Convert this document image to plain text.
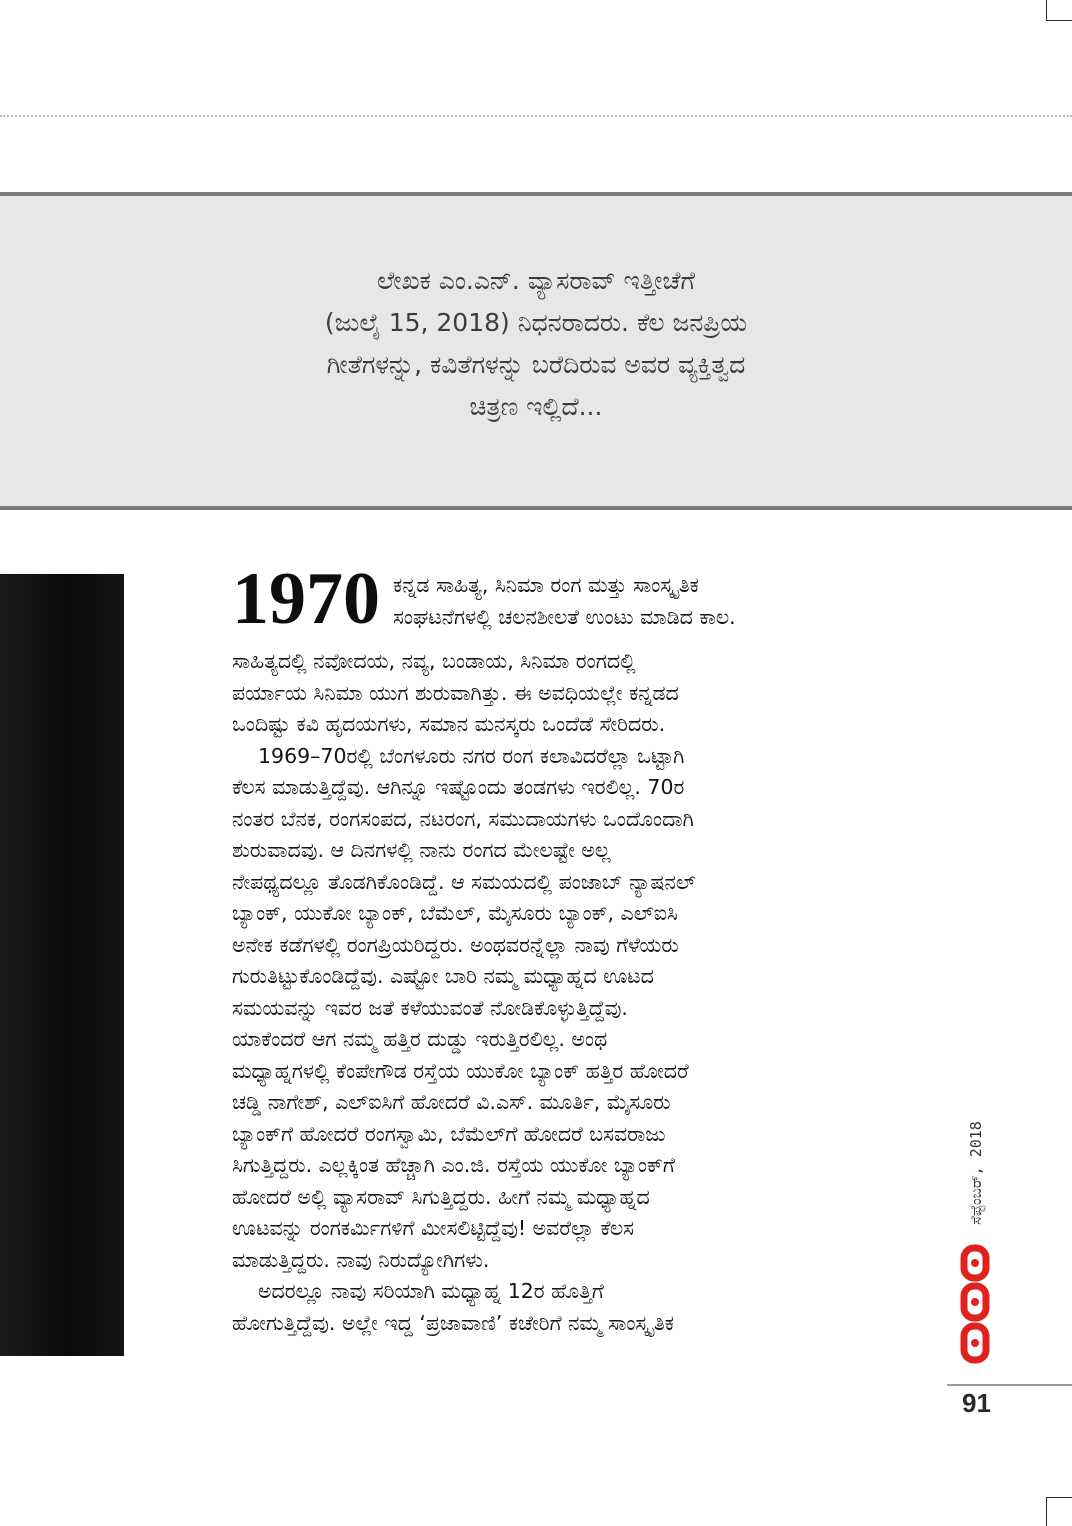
ಲೇಖಕ ಎಂ.ಎನ್. ವ್ಯಾಸರಾವ್ ಇತ್ತೀಚೆಗೆ
(ಜುಲೈ 15, 2018) ನಿಧನರಾದರು. ಕೆಲ ಜನಪ್ರಿಯ
ಗೀತೆಗಳನ್ನು, ಕವಿತೆಗಳನ್ನು ಬರೆದಿರುವ ಅವರ ವ್ಯಕ್ತಿತ್ವದ
ಚಿತ್ರಣ ಇಲ್ಲಿದೆ...
1970 ಕನ್ನಡ ಸಾಹಿತ್ಯ, ಸಿನಿಮಾ ರಂಗ ಮತ್ತು ಸಾಂಸ್ಕೃತಿಕ
ಸಂಘಟನೆಗಳಲ್ಲಿ ಚಲನಶೀಲತೆ ಉಂಟು ಮಾಡಿದ ಕಾಲ.
ಸಾಹಿತ್ಯದಲ್ಲಿ ನವೋದಯ, ನವ್ಯ, ಬಂಡಾಯ, ಸಿನಿಮಾ ರಂಗದಲ್ಲಿ
ಪರ್ಯಾಯ ಸಿನಿಮಾ ಯುಗ ಶುರುವಾಗಿತ್ತು. ಈ ಅವಧಿಯಲ್ಲೇ ಕನ್ನಡದ
ಒಂದಿಷ್ಟು ಕವಿ ಹೃದಯಗಳು, ಸಮಾನ ಮನಸ್ಕರು ಒಂದೆಡೆ ಸೇರಿದರು.
1969–70ರಲ್ಲಿ ಬೆಂಗಳೂರು ನಗರ ರಂಗ ಕಲಾವಿದರೆಲ್ಲಾ ಒಟ್ಟಾಗಿ
ಕೆಲಸ ಮಾಡುತ್ತಿದ್ದೆವು. ಆಗಿನ್ನೂ ಇಷ್ಟೊಂದು ತಂಡಗಳು ಇರಲಿಲ್ಲ. 70ರ
ನಂತರ ಬೆನಕ, ರಂಗಸಂಪದ, ನಟರಂಗ, ಸಮುದಾಯಗಳು ಒಂದೊಂದಾಗಿ
ಶುರುವಾದವು. ಆ ದಿನಗಳಲ್ಲಿ ನಾನು ರಂಗದ ಮೇಲಷ್ಟೇ ಅಲ್ಲ
ನೇಪಥ್ಯದಲ್ಲೂ ತೊಡಗಿಕೊಂಡಿದ್ದೆ. ಆ ಸಮಯದಲ್ಲಿ ಪಂಜಾಬ್ ನ್ಯಾಷನಲ್
ಬ್ಯಾಂಕ್, ಯುಕೋ ಬ್ಯಾಂಕ್, ಬೆಮೆಲ್, ಮೈಸೂರು ಬ್ಯಾಂಕ್, ಎಲ್‌ಐಸಿ
ಅನೇಕ ಕಡೆಗಳಲ್ಲಿ ರಂಗಪ್ರಿಯರಿದ್ದರು. ಅಂಥವರನ್ನೆಲ್ಲಾ ನಾವು ಗೆಳೆಯರು
ಗುರುತಿಟ್ಟುಕೊಂಡಿದ್ದೆವು. ಎಷ್ಟೋ ಬಾರಿ ನಮ್ಮ ಮಧ್ಯಾಹ್ನದ ಊಟದ
ಸಮಯವನ್ನು ಇವರ ಜತೆ ಕಳೆಯುವಂತೆ ನೋಡಿಕೊಳ್ಳುತ್ತಿದ್ದೆವು.
ಯಾಕೆಂದರೆ ಆಗ ನಮ್ಮ ಹತ್ತಿರ ದುಡ್ಡು ಇರುತ್ತಿರಲಿಲ್ಲ. ಅಂಥ
ಮಧ್ಯಾಹ್ನಗಳಲ್ಲಿ ಕೆಂಪೇಗೌಡ ರಸ್ತೆಯ ಯುಕೋ ಬ್ಯಾಂಕ್ ಹತ್ತಿರ ಹೋದರೆ
ಚಡ್ಡಿ ನಾಗೇಶ್, ಎಲ್‌ಐಸಿಗೆ ಹೋದರೆ ವಿ.ಎಸ್. ಮೂರ್ತಿ, ಮೈಸೂರು
ಬ್ಯಾಂಕ್‌ಗೆ ಹೋದರೆ ರಂಗಸ್ವಾಮಿ, ಬೆಮೆಲ್‌ಗೆ ಹೋದರೆ ಬಸವರಾಜು
ಸಿಗುತ್ತಿದ್ದರು. ಎಲ್ಲಕ್ಕಿಂತ ಹೆಚ್ಚಾಗಿ ಎಂ.ಜಿ. ರಸ್ತೆಯ ಯುಕೋ ಬ್ಯಾಂಕ್‌ಗೆ
ಹೋದರೆ ಅಲ್ಲಿ ವ್ಯಾಸರಾವ್ ಸಿಗುತ್ತಿದ್ದರು. ಹೀಗೆ ನಮ್ಮ ಮಧ್ಯಾಹ್ನದ
ಊಟವನ್ನು ರಂಗಕರ್ಮಿಗಳಿಗೆ ಮೀಸಲಿಟ್ಟಿದ್ದೆವು! ಅವರೆಲ್ಲಾ ಕೆಲಸ
ಮಾಡುತ್ತಿದ್ದರು. ನಾವು ನಿರುದ್ಯೋಗಿಗಳು.
ಅದರಲ್ಲೂ ನಾವು ಸರಿಯಾಗಿ ಮಧ್ಯಾಹ್ನ 12ರ ಹೊತ್ತಿಗೆ
ಹೋಗುತ್ತಿದ್ದೆವು. ಅಲ್ಲೇ ಇದ್ದ ‘ಪ್ರಜಾವಾಣಿ’ ಕಚೇರಿಗೆ ನಮ್ಮ ಸಾಂಸ್ಕೃತಿಕ
ಸೆಪ್ಟೆಂಬರ್, 2018
91
